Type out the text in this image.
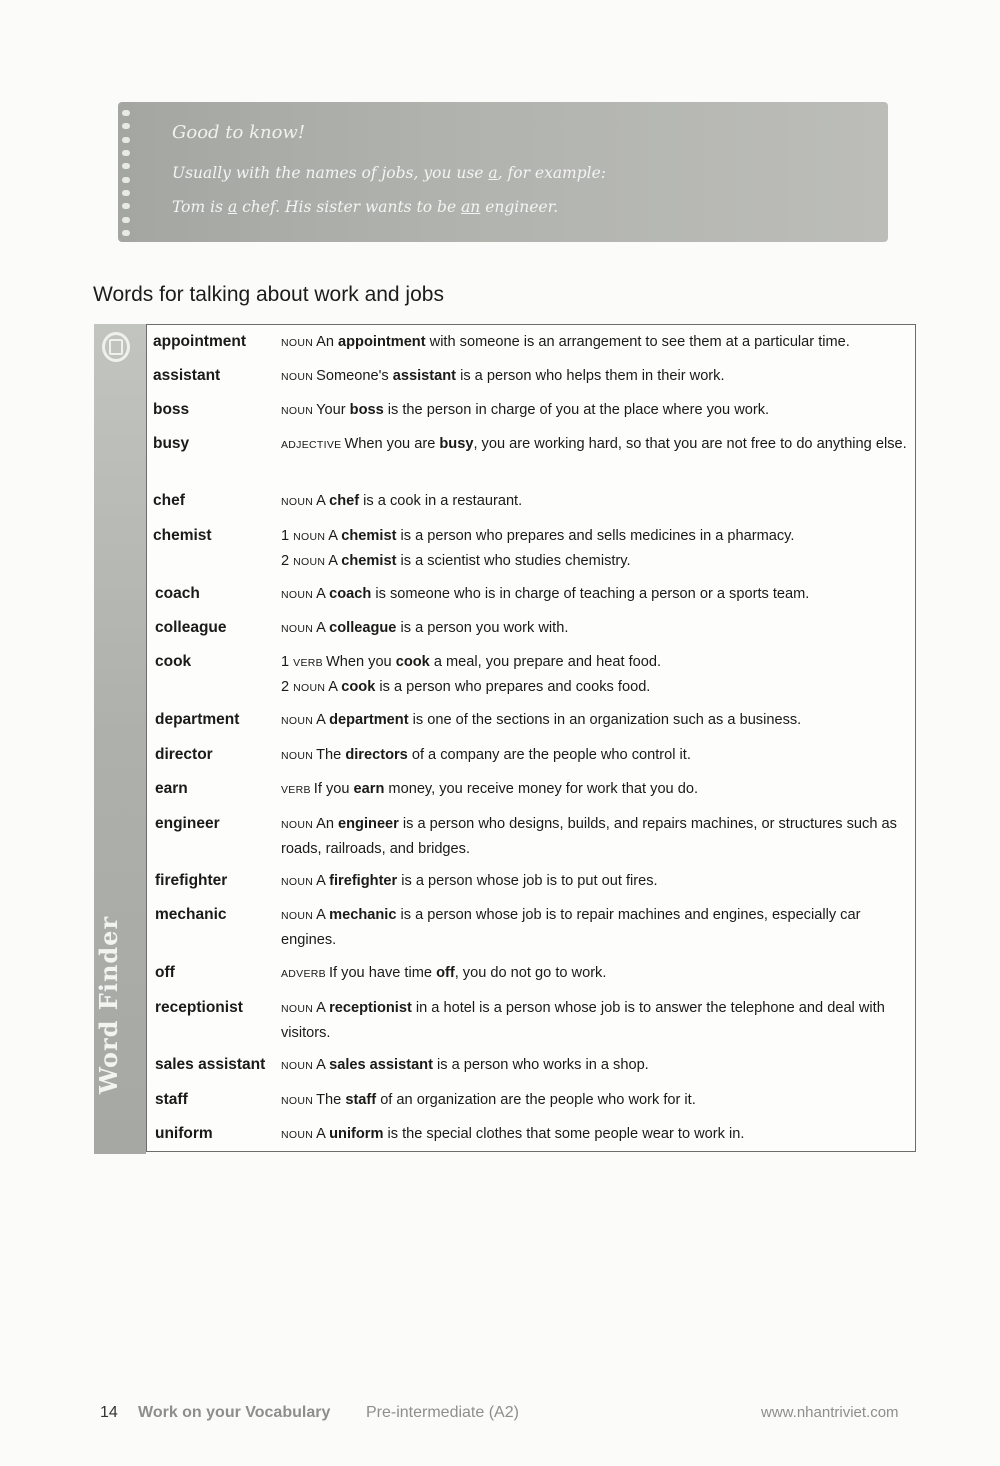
Good to know!
Usually with the names of jobs, you use a, for example:
Tom is a chef. His sister wants to be an engineer.
Words for talking about work and jobs
Word Finder
appointment	NOUN An appointment with someone is an arrangement to see them at a particular time.

assistant	NOUN Someone's assistant is a person who helps them in their work.

boss	NOUN Your boss is the person in charge of you at the place where you work.

busy	ADJECTIVE When you are busy, you are working hard, so that you are not free to do anything else.

chef	NOUN A chef is a cook in a restaurant.

chemist	1 NOUN A chemist is a person who prepares and sells medicines in a pharmacy.

2 NOUN A chemist is a scientist who studies chemistry.

coach	NOUN A coach is someone who is in charge of teaching a person or a sports team.

colleague	NOUN A colleague is a person you work with.

cook	1 VERB When you cook a meal, you prepare and heat food.

2 NOUN A cook is a person who prepares and cooks food.

department	NOUN A department is one of the sections in an organization such as a business.

director	NOUN The directors of a company are the people who control it.

earn	VERB If you earn money, you receive money for work that you do.

engineer	NOUN An engineer is a person who designs, builds, and repairs machines, or structures such as roads, railroads, and bridges.

firefighter	NOUN A firefighter is a person whose job is to put out fires.

mechanic	NOUN A mechanic is a person whose job is to repair machines and engines, especially car engines.

off	ADVERB If you have time off, you do not go to work.

receptionist	NOUN A receptionist in a hotel is a person whose job is to answer the telephone and deal with visitors.

sales assistant NOUN A sales assistant is a person who works in a shop.

staff	NOUN The staff of an organization are the people who work for it.

uniform	NOUN A uniform is the special clothes that some people wear to work in.

14 Work on your Vocabulary Pre-intermediate (A2)	www.nhantriviet.com
